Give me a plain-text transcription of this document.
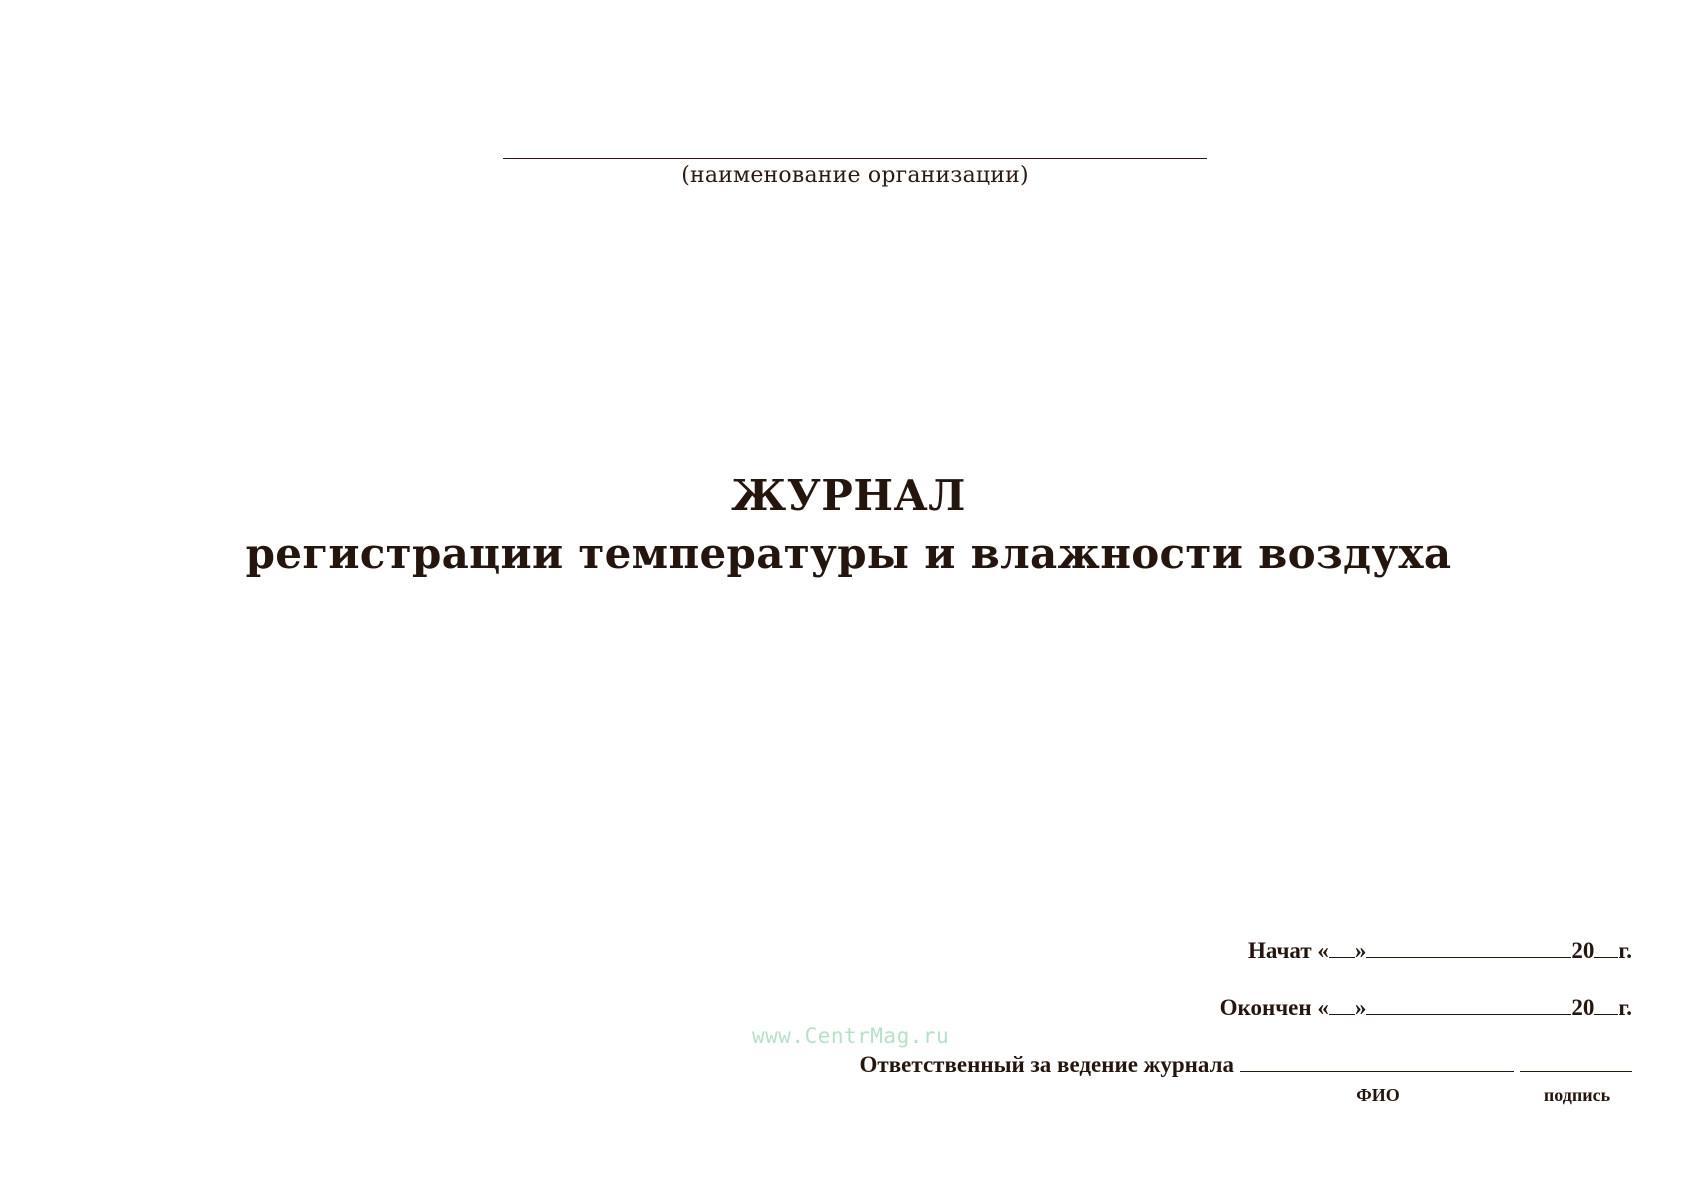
(наименование организации)
ЖУРНАЛ
регистрации температуры и влажности воздуха
Начат « »	20 г.
Окончен « »	20 г.
www.CentrMag.ru
Ответственный за ведение журнала
ФИО	подпись
